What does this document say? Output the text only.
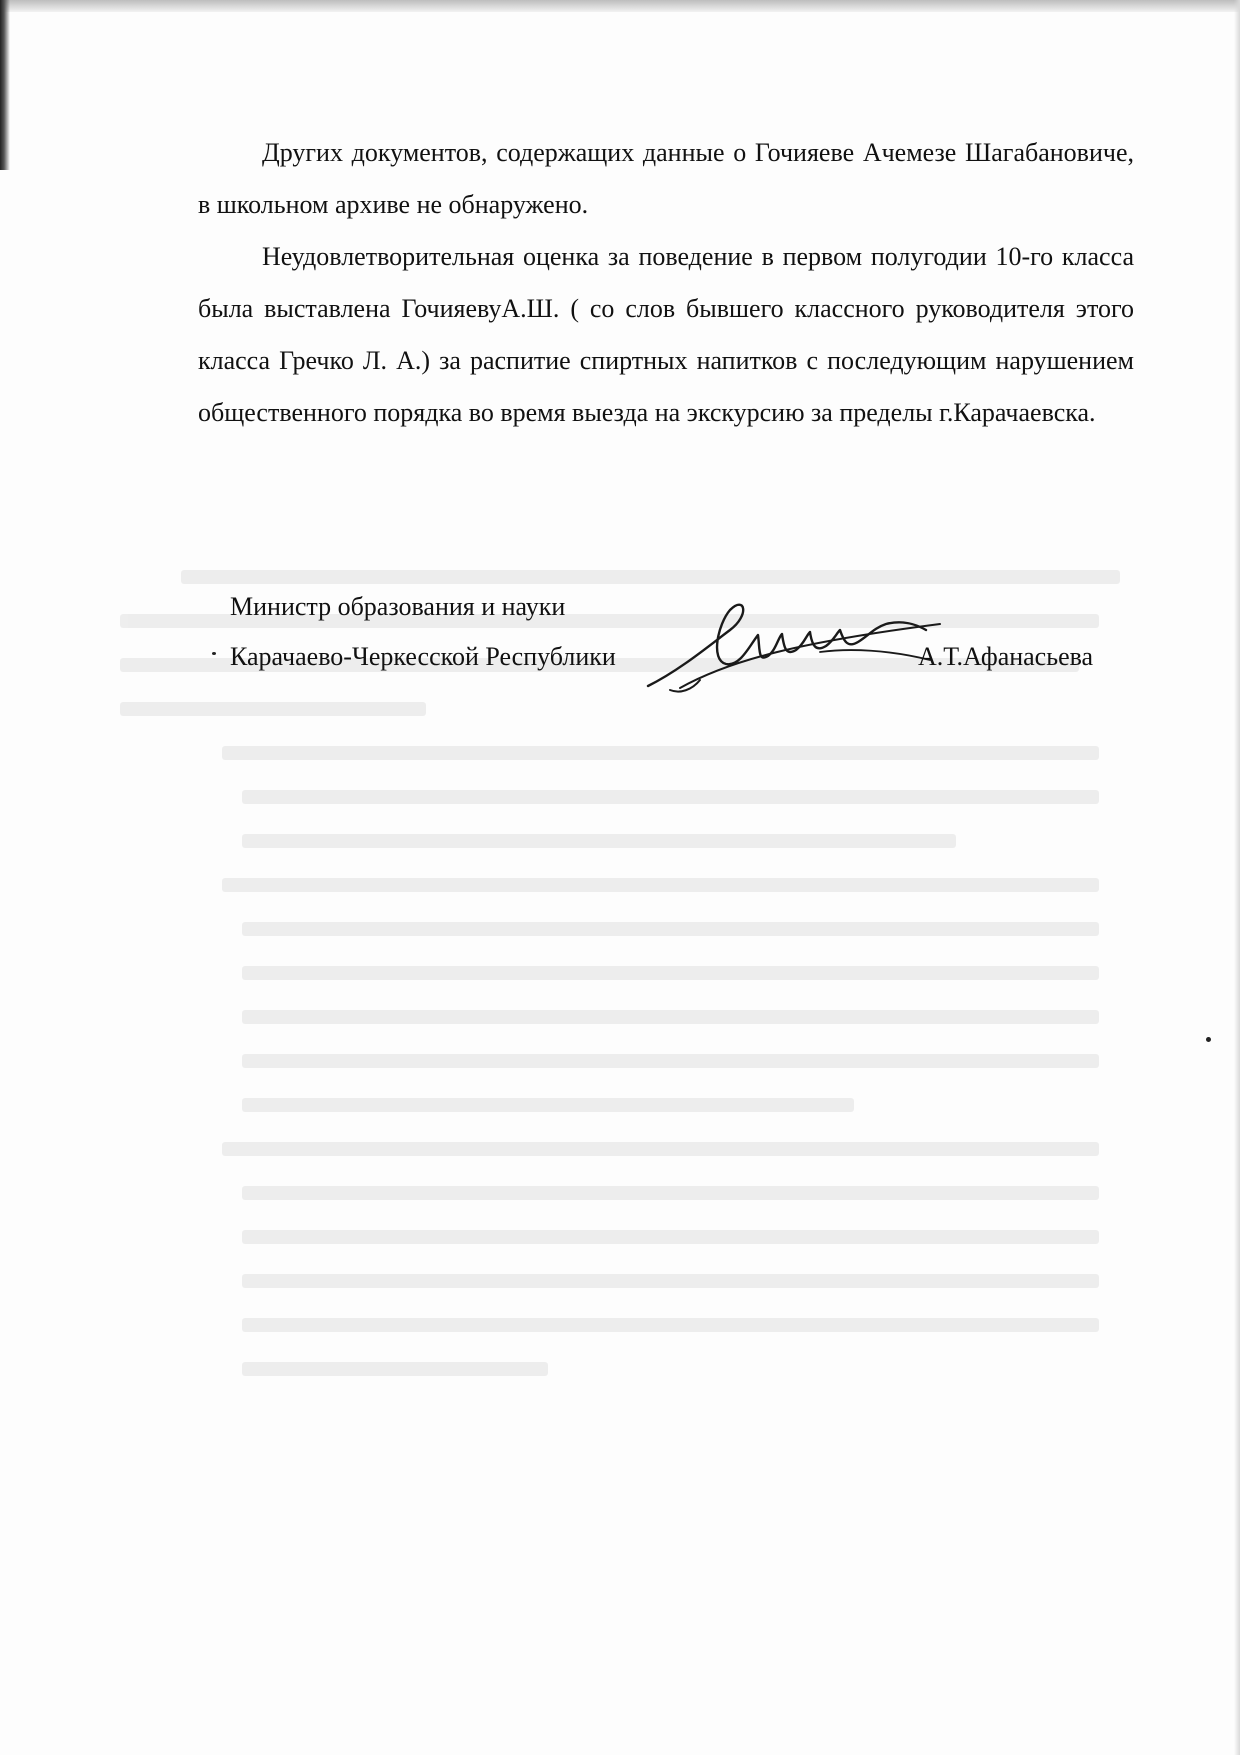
Других документов, содержащих данные о Гочияеве Ачемезе Шагабановиче, в школьном архиве не обнаружено.

Неудовлетворительная оценка за поведение в первом полугодии 10-го класса была выставлена ГочияевуА.Ш. ( со слов бывшего классного руководителя этого класса Гречко Л. А.) за распитие спиртных напитков с последующим нарушением общественного порядка во время выезда на экскурсию за пределы г.Карачаевска.

Министр образования и науки
Карачаево-Черкесской Республики	А.Т.Афанасьева
